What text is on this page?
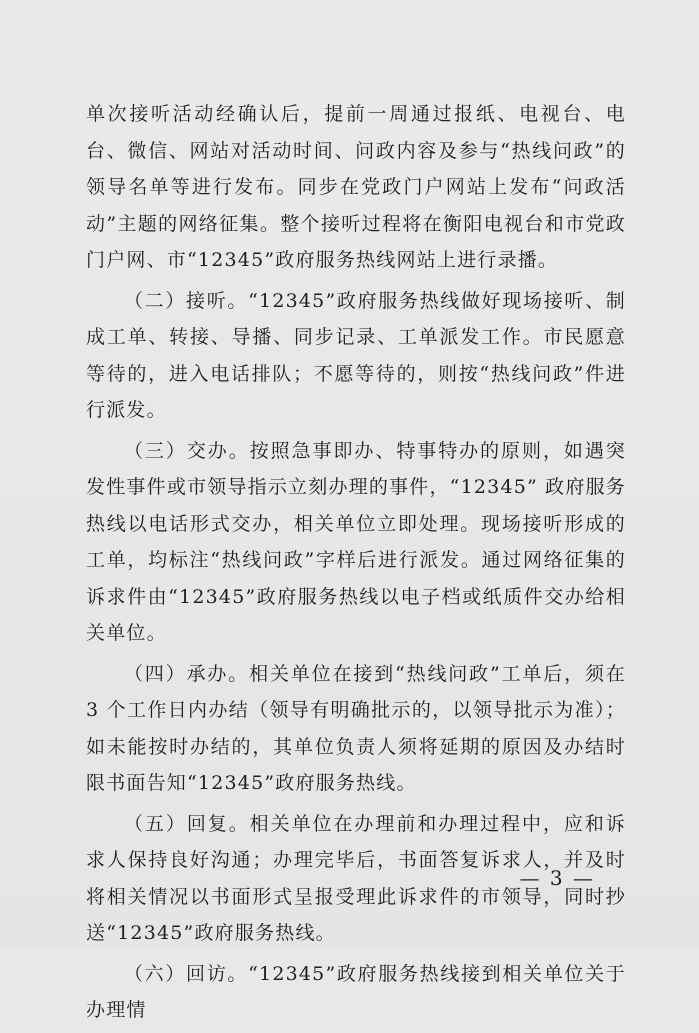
单次接听活动经确认后，提前一周通过报纸、电视台、电台、微信、网站对活动时间、问政内容及参与“热线问政”的领导名单等进行发布。同步在党政门户网站上发布“问政活动”主题的网络征集。整个接听过程将在衡阳电视台和市党政门户网、市“12345”政府服务热线网站上进行录播。

（二）接听。“12345”政府服务热线做好现场接听、制成工单、转接、导播、同步记录、工单派发工作。市民愿意等待的，进入电话排队；不愿等待的，则按“热线问政”件进行派发。

（三）交办。按照急事即办、特事特办的原则，如遇突发性事件或市领导指示立刻办理的事件，“12345” 政府服务热线以电话形式交办，相关单位立即处理。现场接听形成的工单，均标注“热线问政”字样后进行派发。通过网络征集的诉求件由“12345”政府服务热线以电子档或纸质件交办给相关单位。

（四）承办。相关单位在接到“热线问政”工单后，须在 3 个工作日内办结（领导有明确批示的，以领导批示为准）；如未能按时办结的，其单位负责人须将延期的原因及办结时限书面告知“12345”政府服务热线。

（五）回复。相关单位在办理前和办理过程中，应和诉求人保持良好沟通；办理完毕后，书面答复诉求人，并及时将相关情况以书面形式呈报受理此诉求件的市领导，同时抄送“12345”政府服务热线。

（六）回访。“12345”政府服务热线接到相关单位关于办理情

— 3 —
